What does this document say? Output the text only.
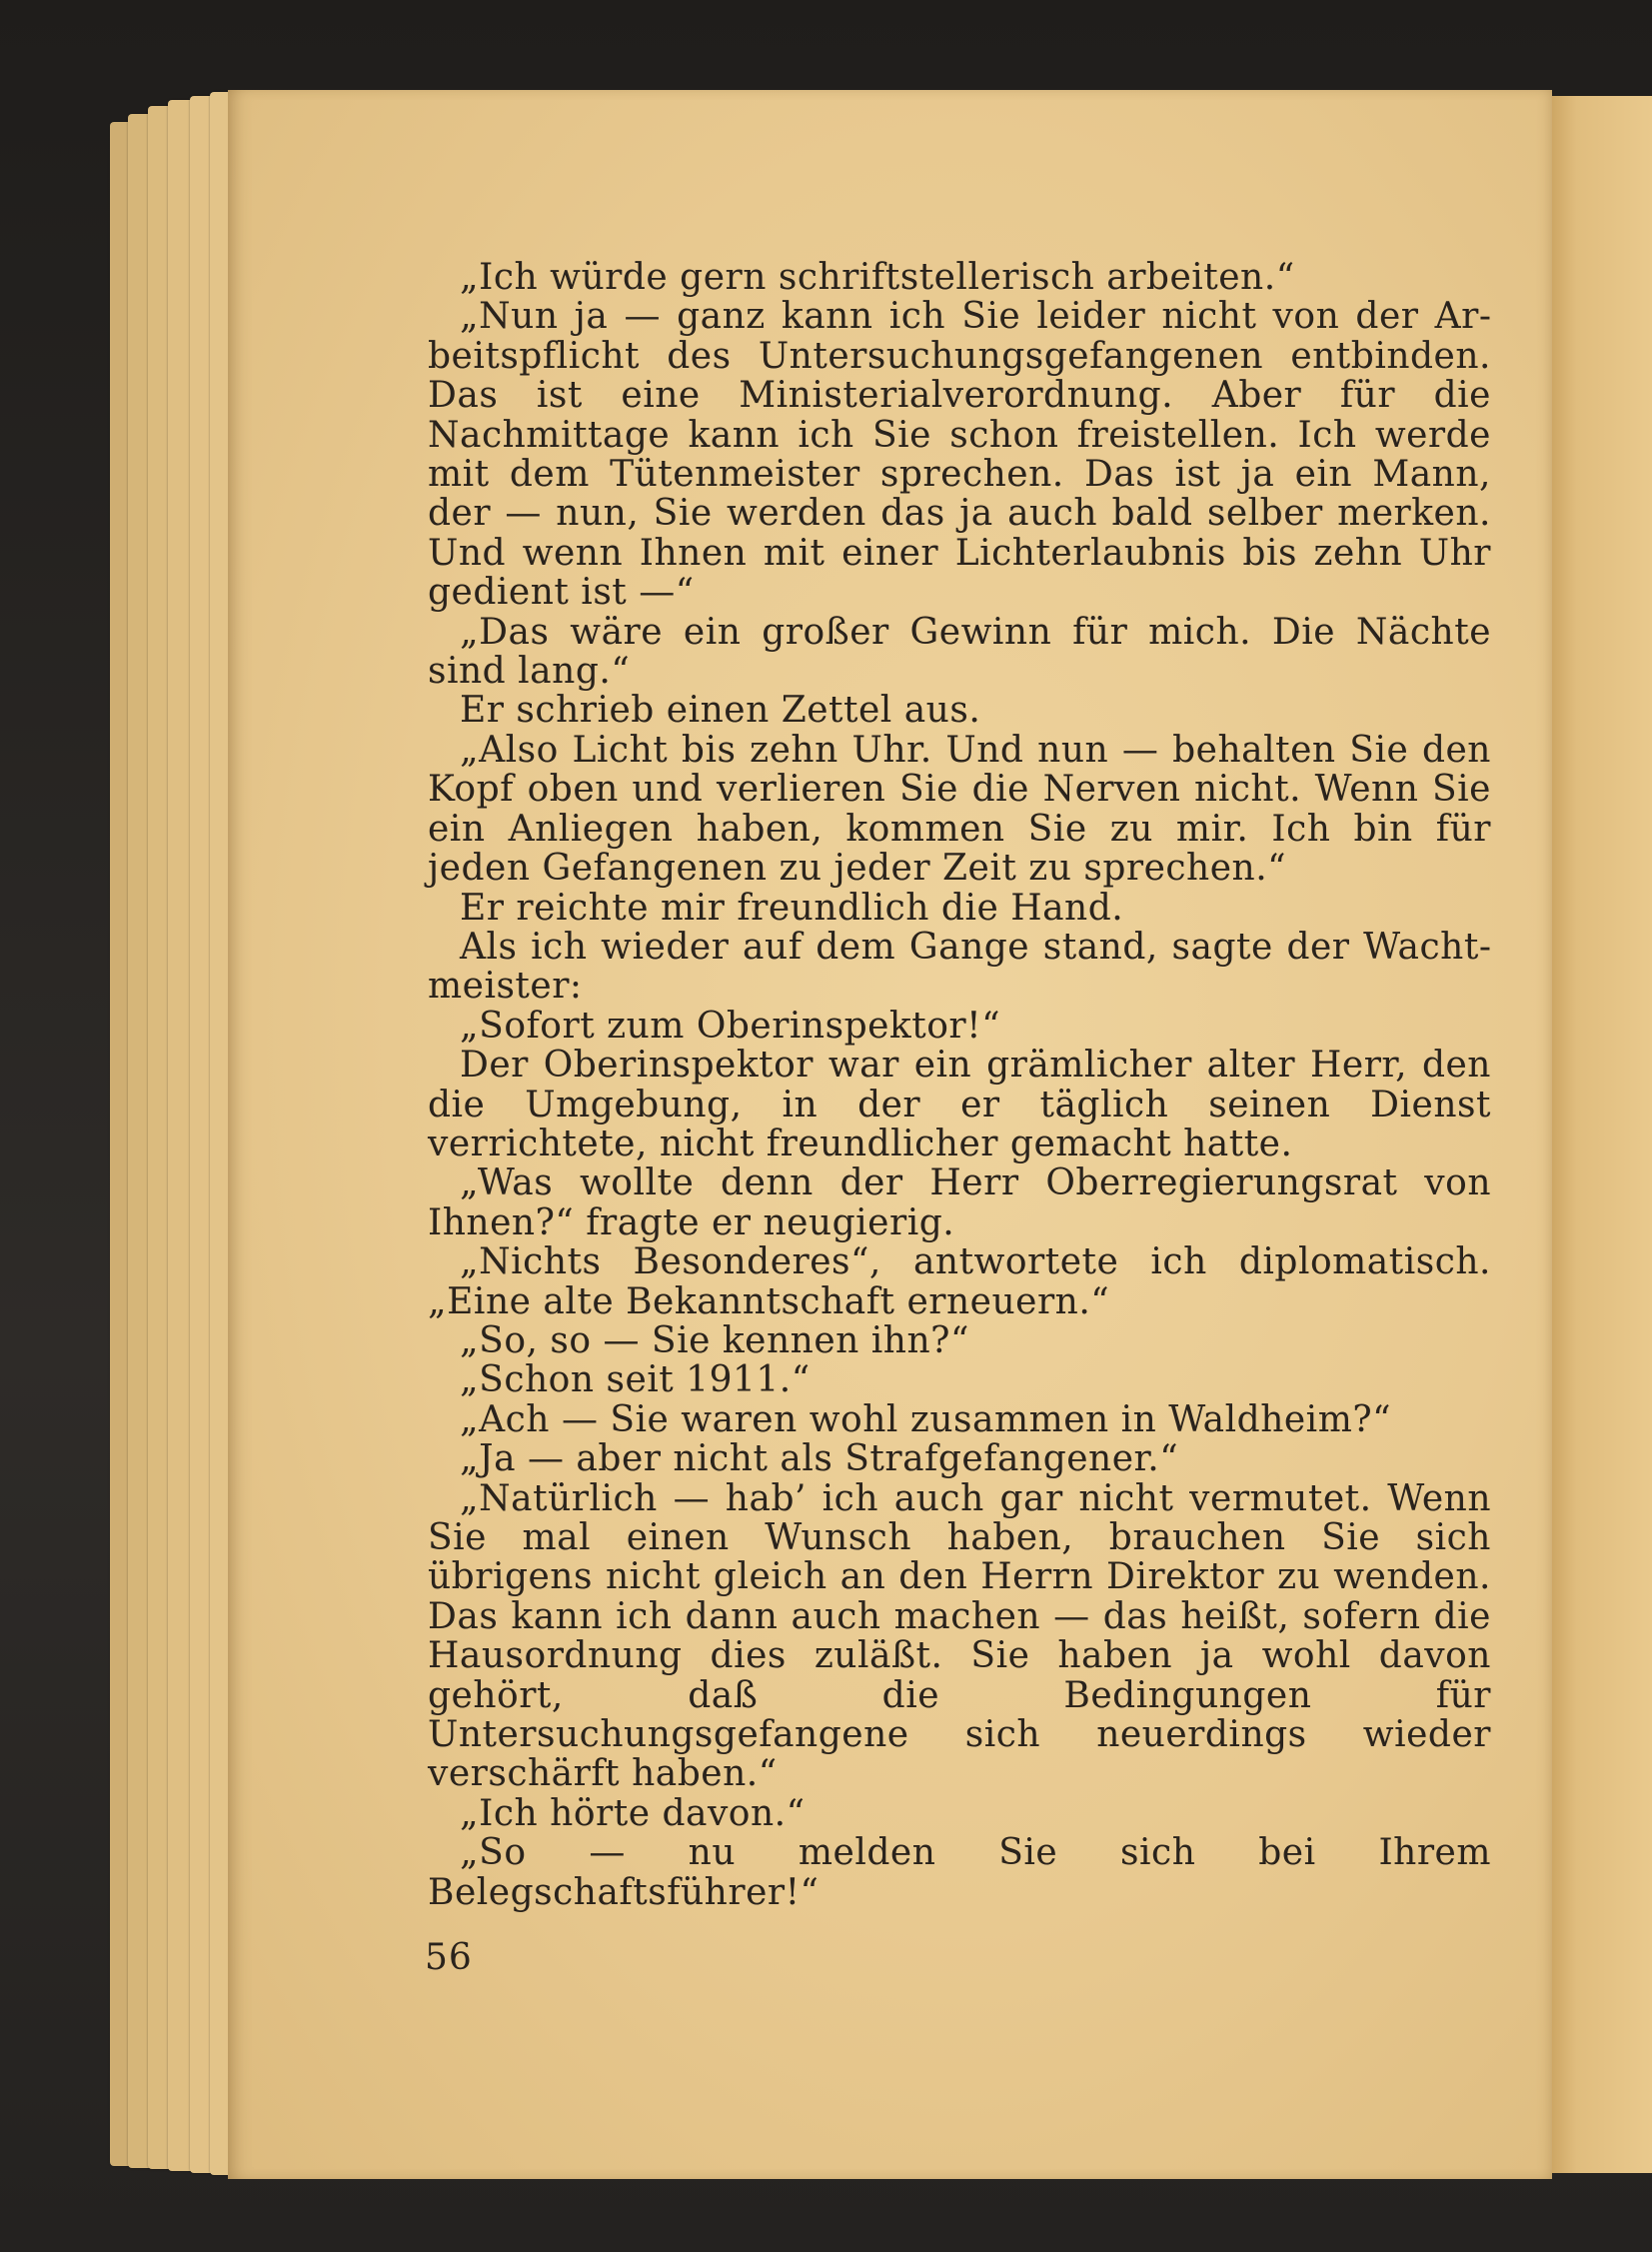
„Ich würde gern schriftstellerisch arbeiten.“

„Nun ja — ganz kann ich Sie leider nicht von der Arbeitspflicht des Untersuchungsgefangenen entbinden. Das ist eine Ministerialverordnung. Aber für die Nachmittage kann ich Sie schon freistellen. Ich werde mit dem Tütenmeister sprechen. Das ist ja ein Mann, der — nun, Sie werden das ja auch bald selber merken. Und wenn Ihnen mit einer Lichterlaubnis bis zehn Uhr gedient ist —“

„Das wäre ein großer Gewinn für mich. Die Nächte sind lang.“

Er schrieb einen Zettel aus.

„Also Licht bis zehn Uhr. Und nun — behalten Sie den Kopf oben und verlieren Sie die Nerven nicht. Wenn Sie ein Anliegen haben, kommen Sie zu mir. Ich bin für jeden Gefangenen zu jeder Zeit zu sprechen.“

Er reichte mir freundlich die Hand.

Als ich wieder auf dem Gange stand, sagte der Wachtmeister:

„Sofort zum Oberinspektor!“

Der Oberinspektor war ein grämlicher alter Herr, den die Umgebung, in der er täglich seinen Dienst verrichtete, nicht freundlicher gemacht hatte.

„Was wollte denn der Herr Oberregierungsrat von Ihnen?“ fragte er neugierig.

„Nichts Besonderes“, antwortete ich diplomatisch. „Eine alte Bekanntschaft erneuern.“

„So, so — Sie kennen ihn?“

„Schon seit 1911.“

„Ach — Sie waren wohl zusammen in Waldheim?“

„Ja — aber nicht als Strafgefangener.“

„Natürlich — hab’ ich auch gar nicht vermutet. Wenn Sie mal einen Wunsch haben, brauchen Sie sich übrigens nicht gleich an den Herrn Direktor zu wenden. Das kann ich dann auch machen — das heißt, sofern die Hausordnung dies zuläßt. Sie haben ja wohl davon gehört, daß die Bedingungen für Untersuchungsgefangene sich neuerdings wieder verschärft haben.“

„Ich hörte davon.“

„So — nu melden Sie sich bei Ihrem Belegschaftsführer!“

56
